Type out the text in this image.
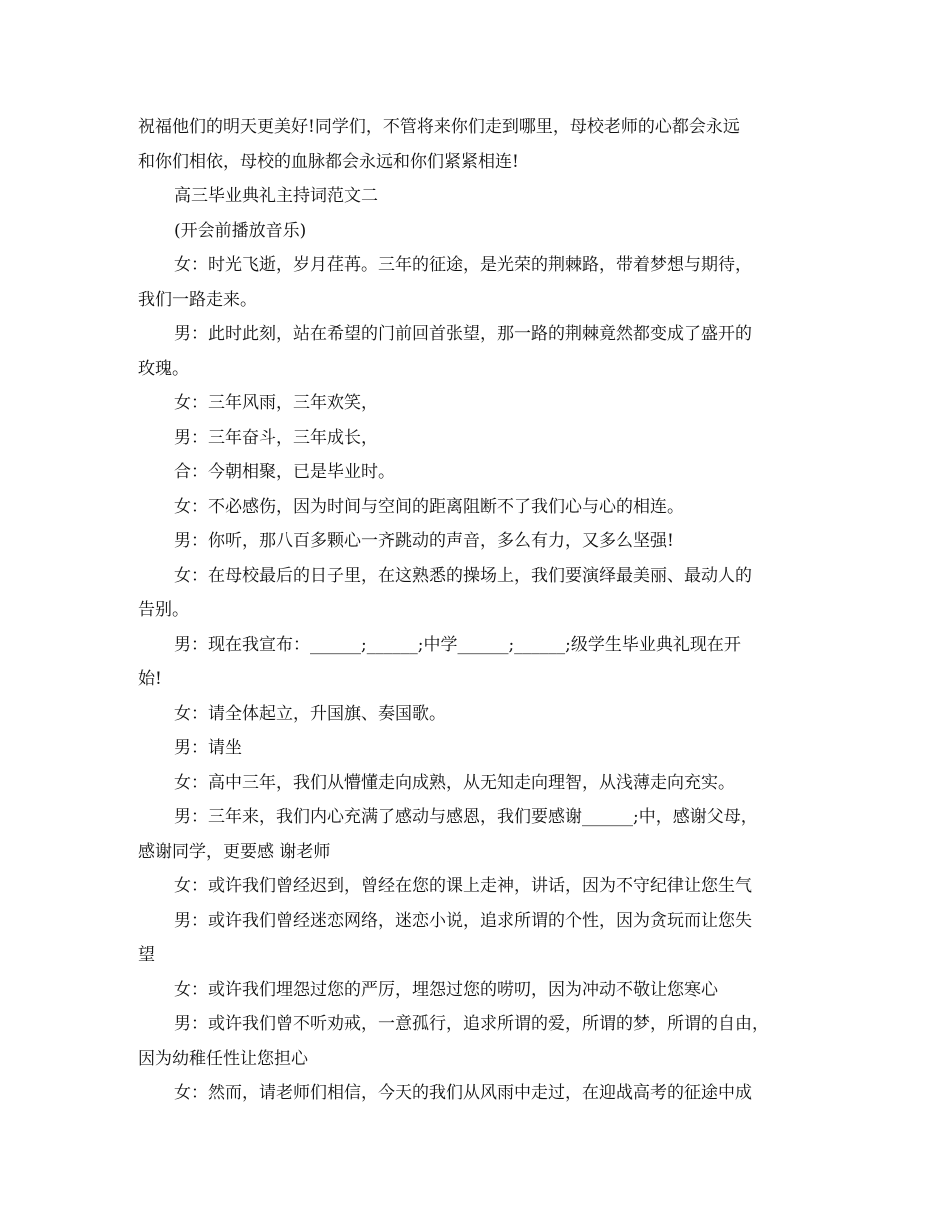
祝福他们的明天更美好!同学们，不管将来你们走到哪里，母校老师的心都会永远
和你们相依，母校的血脉都会永远和你们紧紧相连!
高三毕业典礼主持词范文二
(开会前播放音乐)
女：时光飞逝，岁月荏苒。三年的征途，是光荣的荆棘路，带着梦想与期待，
我们一路走来。
男：此时此刻，站在希望的门前回首张望，那一路的荆棘竟然都变成了盛开的
玫瑰。
女：三年风雨，三年欢笑，
男：三年奋斗，三年成长，
合：今朝相聚，已是毕业时。
女：不必感伤，因为时间与空间的距离阻断不了我们心与心的相连。
男：你听，那八百多颗心一齐跳动的声音，多么有力，又多么坚强!
女：在母校最后的日子里，在这熟悉的操场上，我们要演绎最美丽、最动人的
告别。
男：现在我宣布：______;______;中学______;______;级学生毕业典礼现在开
始!
女：请全体起立，升国旗、奏国歌。
男：请坐
女：高中三年，我们从懵懂走向成熟，从无知走向理智，从浅薄走向充实。
男：三年来，我们内心充满了感动与感恩，我们要感谢______;中，感谢父母，
感谢同学，更要感 谢老师
女：或许我们曾经迟到，曾经在您的课上走神，讲话，因为不守纪律让您生气
男：或许我们曾经迷恋网络，迷恋小说，追求所谓的个性，因为贪玩而让您失
望
女：或许我们埋怨过您的严厉，埋怨过您的唠叨，因为冲动不敬让您寒心
男：或许我们曾不听劝戒，一意孤行，追求所谓的爱，所谓的梦，所谓的自由，
因为幼稚任性让您担心
女：然而，请老师们相信，今天的我们从风雨中走过，在迎战高考的征途中成
